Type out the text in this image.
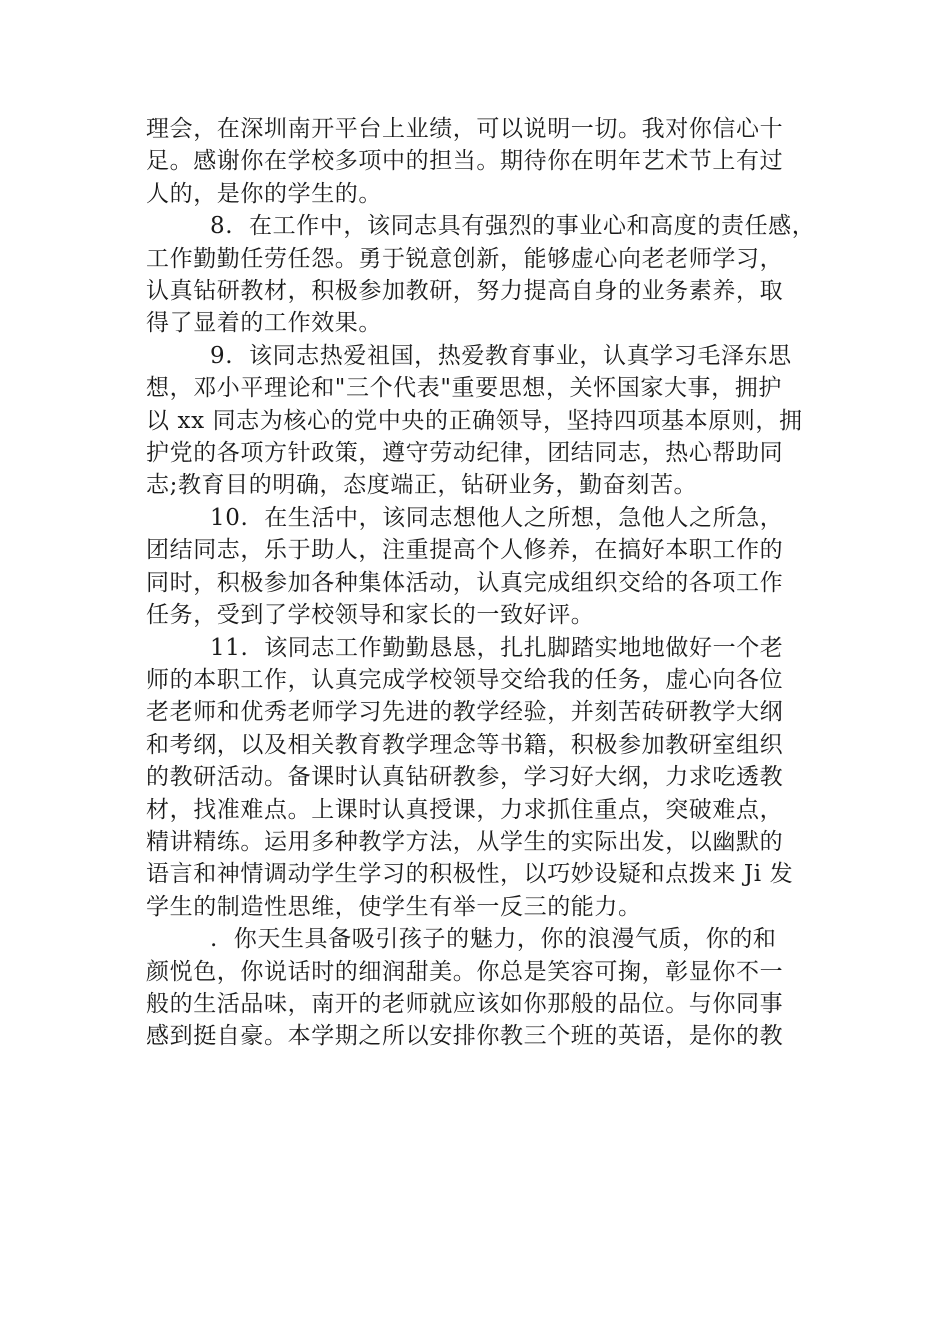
理会，在深圳南开平台上业绩，可以说明一切。我对你信心十
足。感谢你在学校多项中的担当。期待你在明年艺术节上有过
人的，是你的学生的。
8.  在工作中，该同志具有强烈的事业心和高度的责任感，
工作勤勤任劳任怨。勇于锐意创新，能够虚心向老老师学习，
认真钻研教材，积极参加教研，努力提高自身的业务素养，取
得了显着的工作效果。
9.  该同志热爱祖国，热爱教育事业，认真学习毛泽东思
想，邓小平理论和"三个代表"重要思想，关怀国家大事，拥护
以 xx 同志为核心的党中央的正确领导，坚持四项基本原则，拥
护党的各项方针政策，遵守劳动纪律，团结同志，热心帮助同
志;教育目的明确，态度端正，钻研业务，勤奋刻苦。
10.  在生活中，该同志想他人之所想，急他人之所急，
团结同志，乐于助人，注重提高个人修养，在搞好本职工作的
同时，积极参加各种集体活动，认真完成组织交给的各项工作
任务，受到了学校领导和家长的一致好评。
11.  该同志工作勤勤恳恳，扎扎脚踏实地地做好一个老
师的本职工作，认真完成学校领导交给我的任务，虚心向各位
老老师和优秀老师学习先进的教学经验，并刻苦砖研教学大纲
和考纲，以及相关教育教学理念等书籍，积极参加教研室组织
的教研活动。备课时认真钻研教参，学习好大纲，力求吃透教
材，找准难点。上课时认真授课，力求抓住重点，突破难点，
精讲精练。运用多种教学方法，从学生的实际出发，以幽默的
语言和神情调动学生学习的积极性，以巧妙设疑和点拨来 Ji 发
学生的制造性思维，使学生有举一反三的能力。
.  你天生具备吸引孩子的魅力，你的浪漫气质，你的和
颜悦色，你说话时的细润甜美。你总是笑容可掬，彰显你不一
般的生活品味，南开的老师就应该如你那般的品位。与你同事
感到挺自豪。本学期之所以安排你教三个班的英语，是你的教
